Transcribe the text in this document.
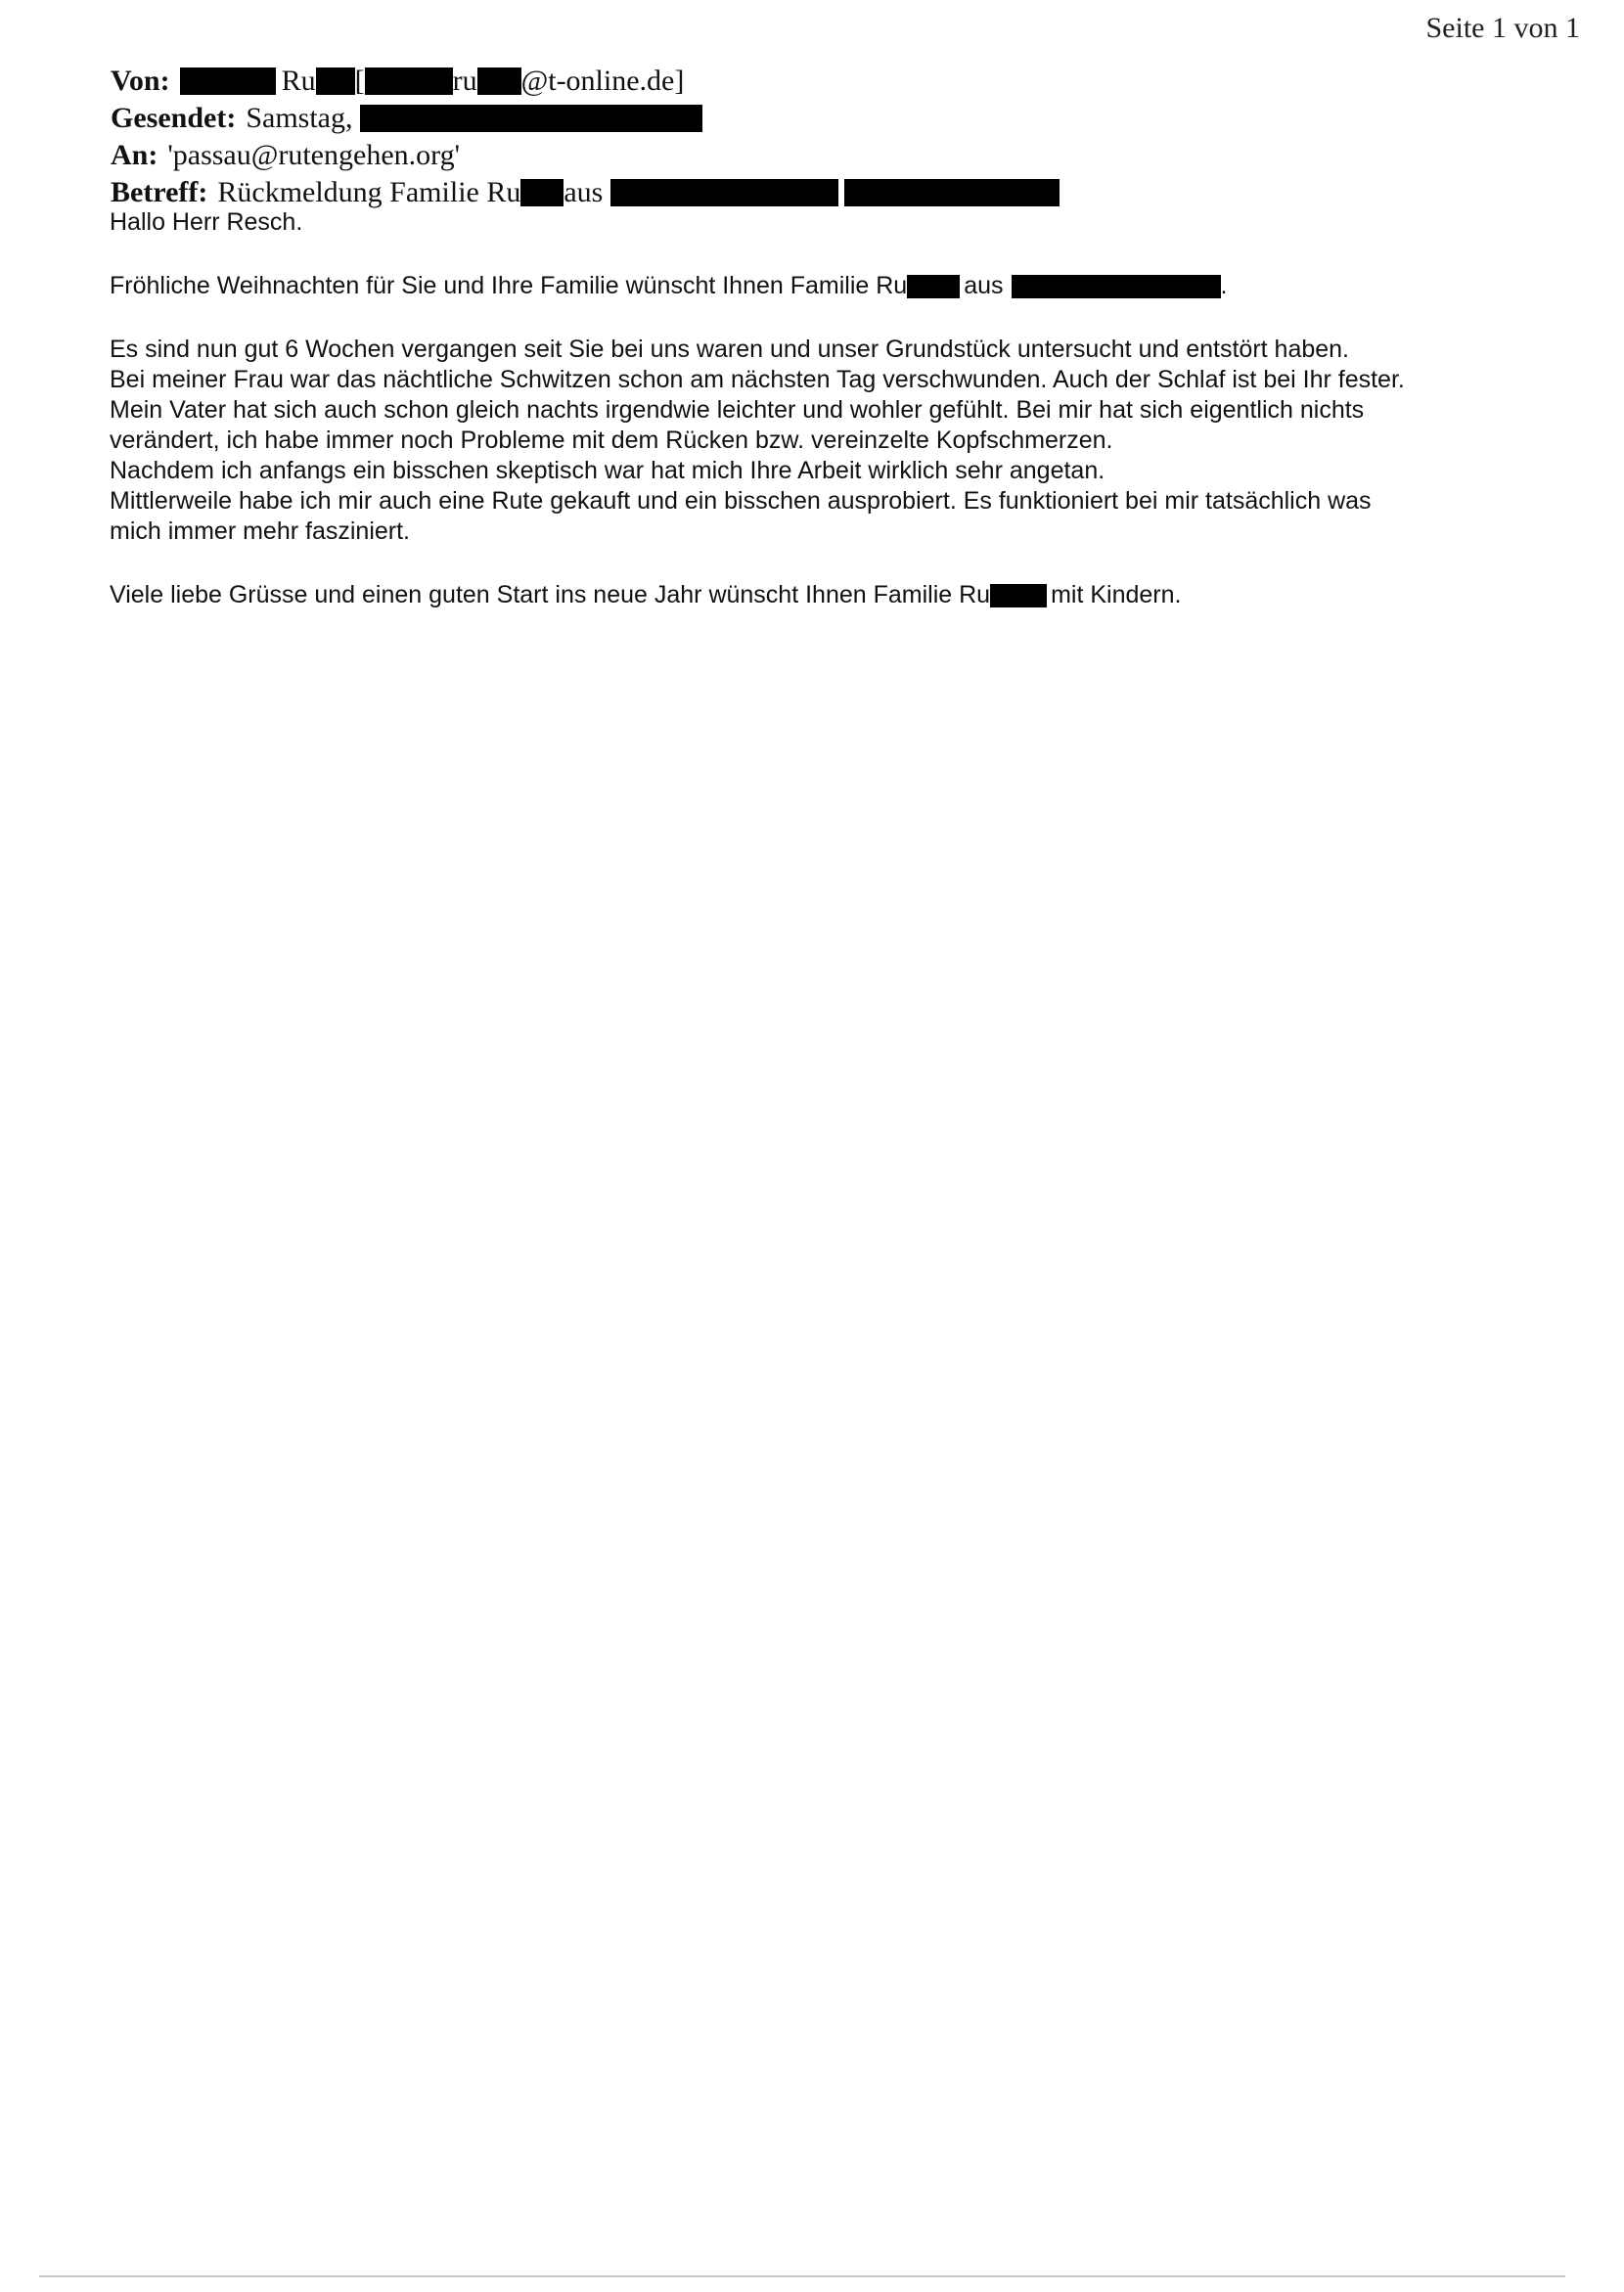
Seite 1 von 1
Von:	Ru [	ru @t-online.de]
Gesendet: Samstag,
An: 'passau@rutengehen.org'
Betreff: Rückmeldung Familie Ru aus
Hallo Herr Resch.
Fröhliche Weihnachten für Sie und Ihre Familie wünscht Ihnen Familie Ru aus	.
Es sind nun gut 6 Wochen vergangen seit Sie bei uns waren und unser Grundstück untersucht und entstört haben.
Bei meiner Frau war das nächtliche Schwitzen schon am nächsten Tag verschwunden. Auch der Schlaf ist bei Ihr fester.
Mein Vater hat sich auch schon gleich nachts irgendwie leichter und wohler gefühlt. Bei mir hat sich eigentlich nichts
verändert, ich habe immer noch Probleme mit dem Rücken bzw. vereinzelte Kopfschmerzen.
Nachdem ich anfangs ein bisschen skeptisch war hat mich Ihre Arbeit wirklich sehr angetan.
Mittlerweile habe ich mir auch eine Rute gekauft und ein bisschen ausprobiert. Es funktioniert bei mir tatsächlich was
mich immer mehr fasziniert.
Viele liebe Grüsse und einen guten Start ins neue Jahr wünscht Ihnen Familie Ru mit Kindern.
